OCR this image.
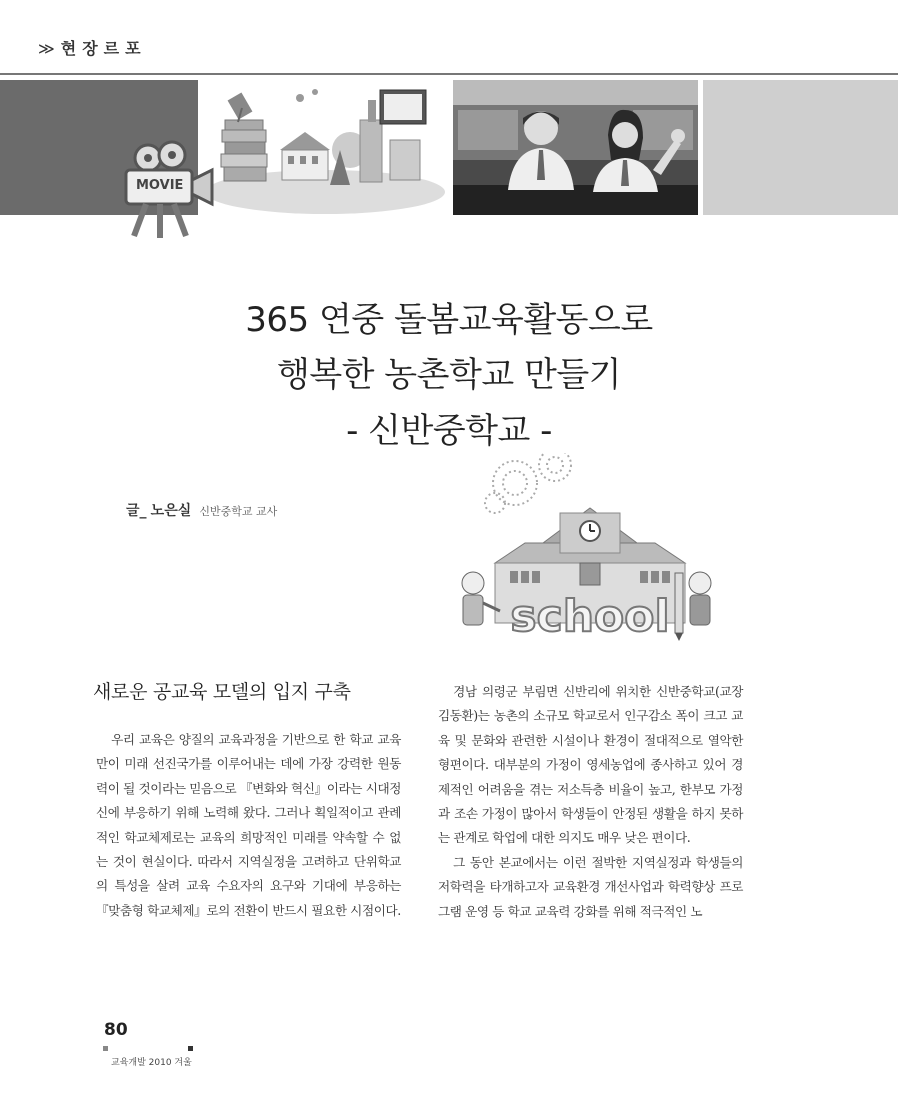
≫ 현장르포
MOVIE
365 연중 돌봄교육활동으로
행복한 농촌학교 만들기
- 신반중학교 -
글_ 노은실 신반중학교 교사
school
새로운 공교육 모델의 입지 구축

우리 교육은 양질의 교육과정을 기반으로 한 학교 교육만이 미래 선진국가를 이루어내는 데에 가장 강력한 원동력이 될 것이라는 믿음으로 『변화와 혁신』이라는 시대정신에 부응하기 위해 노력해 왔다. 그러나 획일적이고 관례적인 학교체제로는 교육의 희망적인 미래를 약속할 수 없는 것이 현실이다. 따라서 지역실정을 고려하고 단위학교의 특성을 살려 교육 수요자의 요구와 기대에 부응하는『맞춤형 학교체제』로의 전환이 반드시 필요한 시점이다.

경남 의령군 부림면 신반리에 위치한 신반중학교(교장 김동환)는 농촌의 소규모 학교로서 인구감소 폭이 크고 교육 및 문화와 관련한 시설이나 환경이 절대적으로 열악한 형편이다. 대부분의 가정이 영세농업에 종사하고 있어 경제적인 어려움을 겪는 저소득층 비율이 높고, 한부모 가정과 조손 가정이 많아서 학생들이 안정된 생활을 하지 못하는 관계로 학업에 대한 의지도 매우 낮은 편이다.

그 동안 본교에서는 이런 절박한 지역실정과 학생들의 저학력을 타개하고자 교육환경 개선사업과 학력향상 프로그램 운영 등 학교 교육력 강화를 위해 적극적인 노

80
교육개발 2010 겨울
